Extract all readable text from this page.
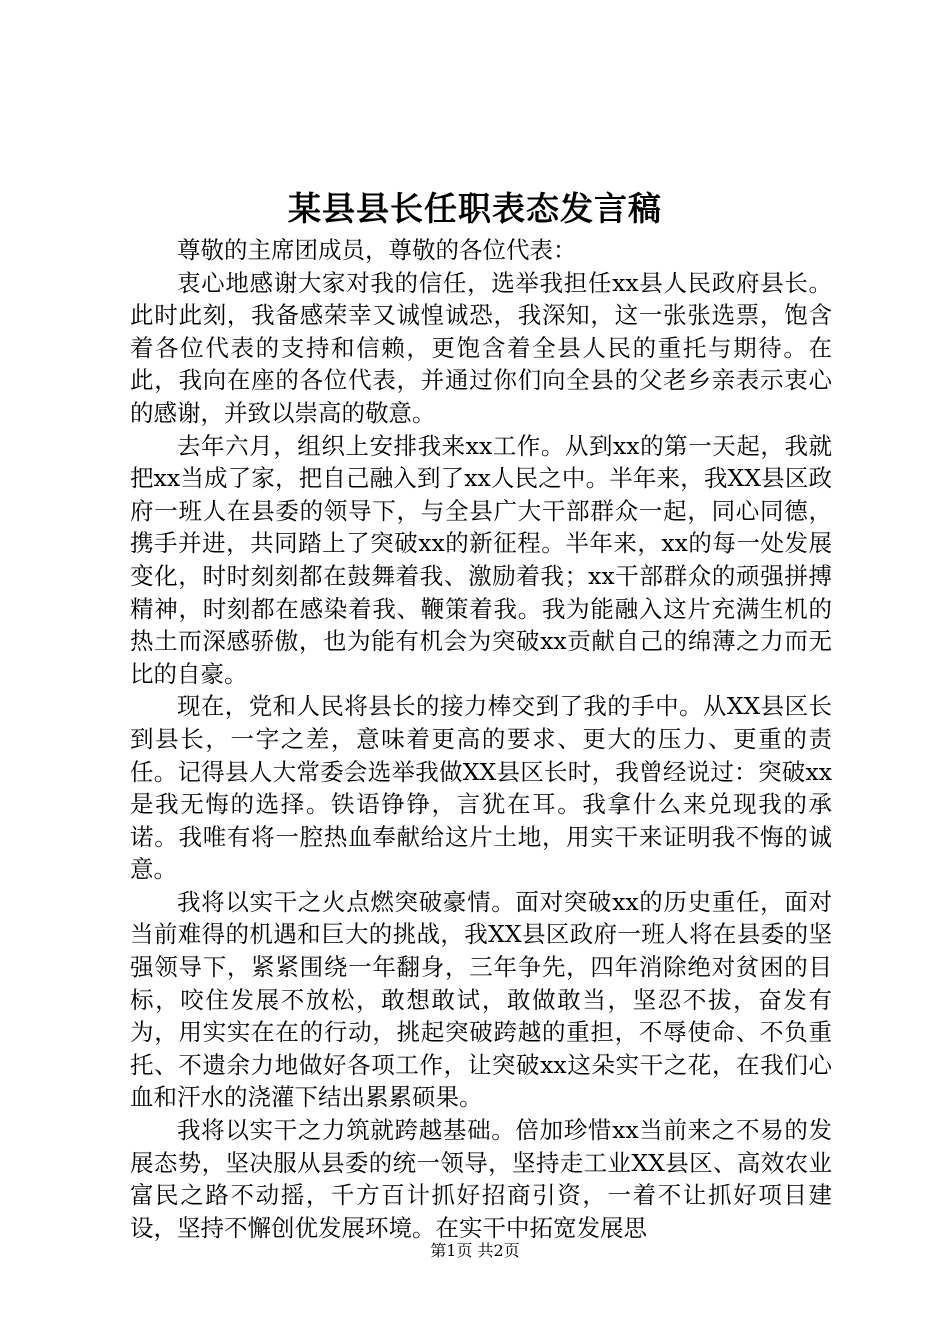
某县县长任职表态发言稿

尊敬的主席团成员，尊敬的各位代表：

衷心地感谢大家对我的信任，选举我担任xx县人民政府县长。此时此刻，我备感荣幸又诚惶诚恐，我深知，这一张张选票，饱含着各位代表的支持和信赖，更饱含着全县人民的重托与期待。在此，我向在座的各位代表，并通过你们向全县的父老乡亲表示衷心的感谢，并致以崇高的敬意。

去年六月，组织上安排我来xx工作。从到xx的第一天起，我就把xx当成了家，把自己融入到了xx人民之中。半年来，我XX县区政府一班人在县委的领导下，与全县广大干部群众一起，同心同德，携手并进，共同踏上了突破xx的新征程。半年来，xx的每一处发展变化，时时刻刻都在鼓舞着我、激励着我；xx干部群众的顽强拼搏精神，时刻都在感染着我、鞭策着我。我为能融入这片充满生机的热土而深感骄傲，也为能有机会为突破xx贡献自己的绵薄之力而无比的自豪。

现在，党和人民将县长的接力棒交到了我的手中。从XX县区长到县长，一字之差，意味着更高的要求、更大的压力、更重的责任。记得县人大常委会选举我做XX县区长时，我曾经说过：突破xx是我无悔的选择。铁语铮铮，言犹在耳。我拿什么来兑现我的承诺。我唯有将一腔热血奉献给这片土地，用实干来证明我不悔的诚意。

我将以实干之火点燃突破豪情。面对突破xx的历史重任，面对当前难得的机遇和巨大的挑战，我XX县区政府一班人将在县委的坚强领导下，紧紧围绕一年翻身，三年争先，四年消除绝对贫困的目标，咬住发展不放松，敢想敢试，敢做敢当，坚忍不拔，奋发有为，用实实在在的行动，挑起突破跨越的重担，不辱使命、不负重托、不遗余力地做好各项工作，让突破xx这朵实干之花，在我们心血和汗水的浇灌下结出累累硕果。

我将以实干之力筑就跨越基础。倍加珍惜xx当前来之不易的发展态势，坚决服从县委的统一领导，坚持走工业XX县区、高效农业富民之路不动摇，千方百计抓好招商引资，一着不让抓好项目建设，坚持不懈创优发展环境。在实干中拓宽发展思

第1页 共2页
